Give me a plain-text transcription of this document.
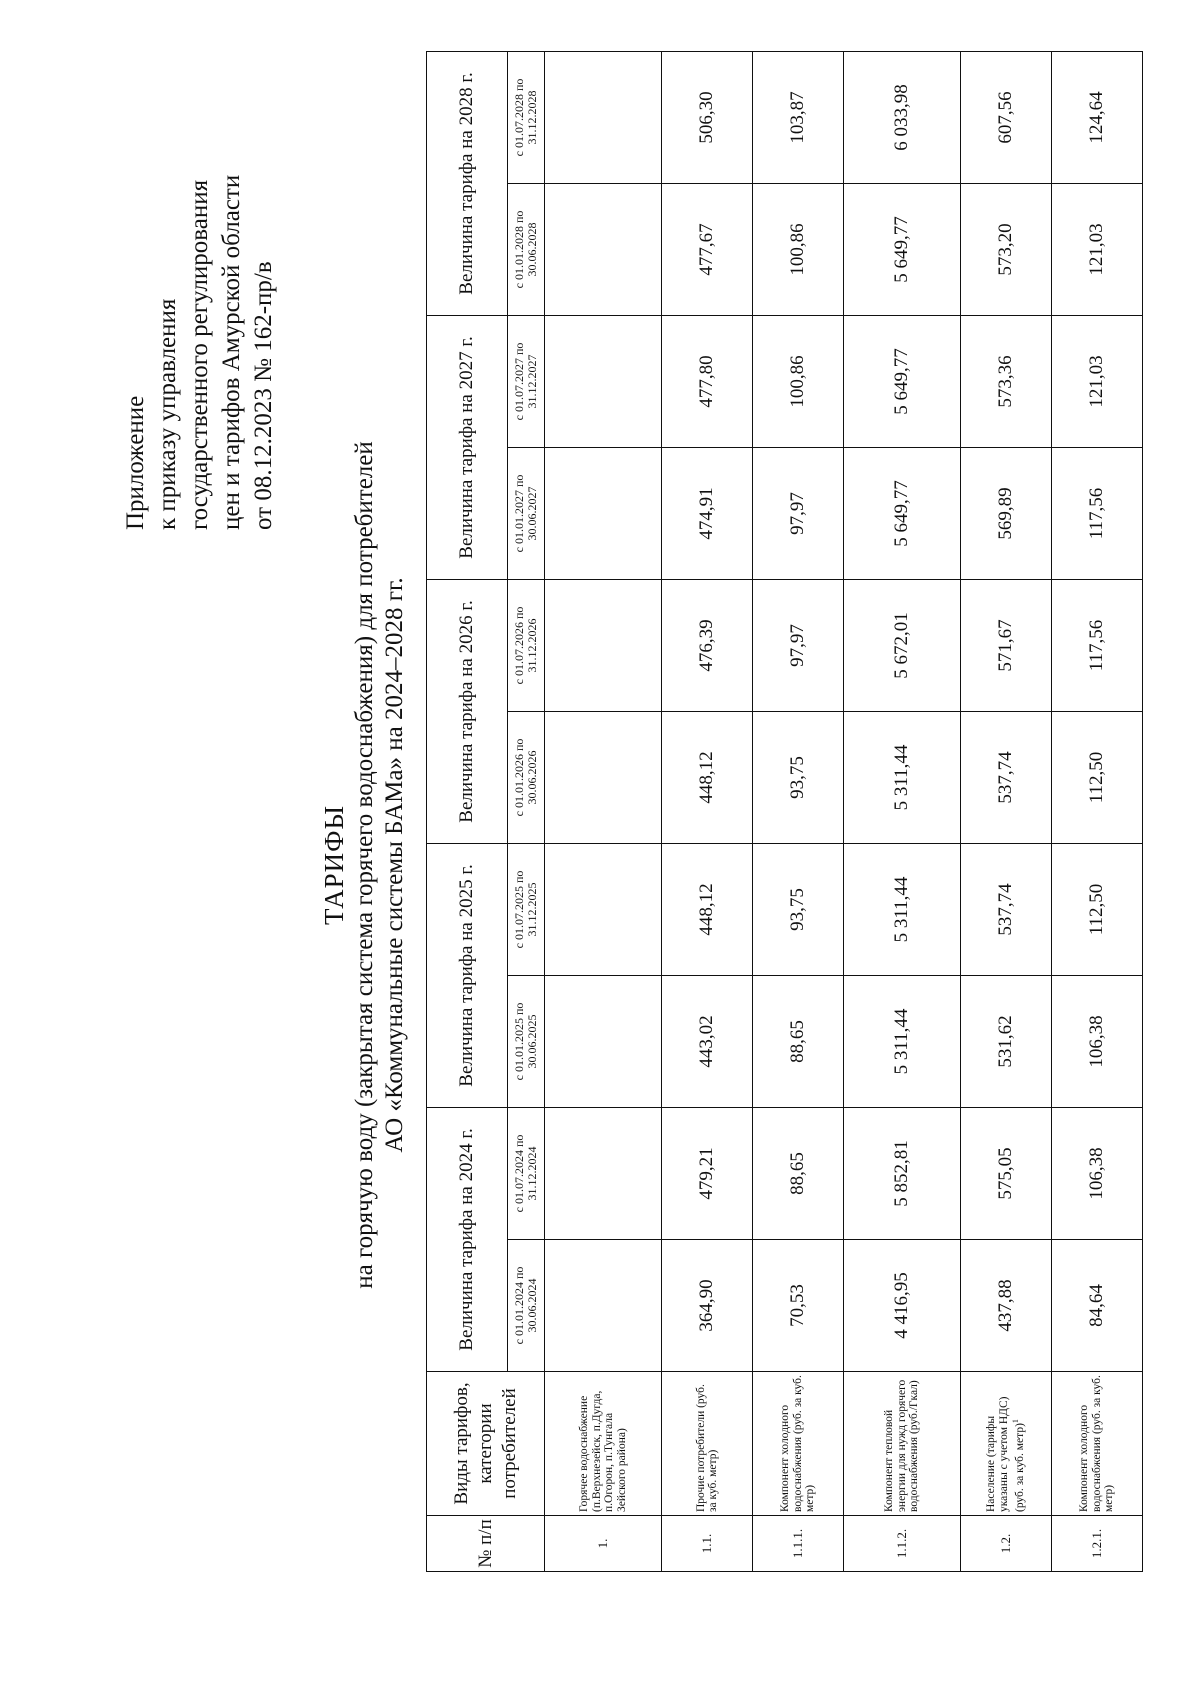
Приложение к приказу управления государственного регулирования цен и тарифов Амурской области от 08.12.2023 № 162-пр/в
ТАРИФЫ на горячую воду (закрытая система горячего водоснабжения) для потребителей АО «Коммунальные системы БАМа» на 2024–2028 гг.
№ п/п	Виды тарифов, категории потребителей	Величина тарифа на 2024 г.		Величина тарифа на 2025 г.		Величина тарифа на 2026 г.		Величина тарифа на 2027 г.		Величина тарифа на 2028 г.	
		с 01.01.2024 по 30.06.2024	с 01.07.2024 по 31.12.2024	с 01.01.2025 по 30.06.2025	с 01.07.2025 по 31.12.2025	с 01.01.2026 по 30.06.2026	с 01.07.2026 по 31.12.2026	с 01.01.2027 по 30.06.2027	с 01.07.2027 по 31.12.2027	с 01.01.2028 по 30.06.2028	с 01.07.2028 по 31.12.2028
1.	Горячее водоснабжение (п.Верхнезейск, п.Дугда, п.Огорон, п.Тунгала Зейского района)										
1.1.	Прочие потребители (руб. за куб. метр)	364,90	479,21	443,02	448,12	448,12	476,39	474,91	477,80	477,67	506,30
1.1.1.	Компонент холодного водоснабжения (руб. за куб. метр)	70,53	88,65	88,65	93,75	93,75	97,97	97,97	100,86	100,86	103,87
1.1.2.	Компонент тепловой энергии для нужд горячего водоснабжения (руб./Гкал)	4 416,95	5 852,81	5 311,44	5 311,44	5 311,44	5 672,01	5 649,77	5 649,77	5 649,77	6 033,98
1.2.	Население (тарифы указаны с учетом НДС) (руб. за куб. метр)$^1$	437,88	575,05	531,62	537,74	537,74	571,67	569,89	573,36	573,20	607,56
1.2.1.	Компонент холодного водоснабжения (руб. за куб. метр)	84,64	106,38	106,38	112,50	112,50	117,56	117,56	121,03	121,03	124,64
